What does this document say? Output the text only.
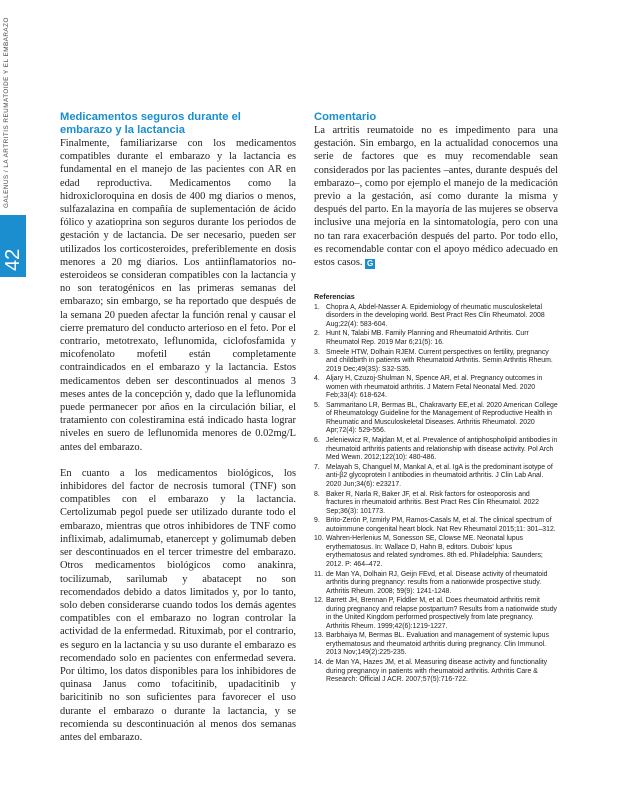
GALENUS / LA ARTRITIS REUMATOIDE Y EL EMBARAZO
42
Medicamentos seguros durante el embarazo y la lactancia

Finalmente, familiarizarse con los medicamentos compatibles durante el embarazo y la lactancia es fundamental en el manejo de las pacientes con AR en edad reproductiva. Medicamentos como la hidroxicloroquina en dosis de 400 mg diarios o menos, sulfazalazina en compañía de suplementación de ácido fólico y azatioprina son seguros durante los periodos de gestación y de lactancia. De ser necesario, pueden ser utilizados los corticosteroides, preferiblemente en dosis menores a 20 mg diarios. Los antiinflamatorios no-esteroideos se consideran compatibles con la lactancia y no son teratogénicos en las primeras semanas del embarazo; sin embargo, se ha reportado que después de la semana 20 pueden afectar la función renal y causar el cierre prematuro del conducto arterioso en el feto. Por el contrario, metotrexato, leflunomida, ciclofosfamida y micofenolato mofetil están completamente contraindicados en el embarazo y la lactancia. Estos medicamentos deben ser descontinuados al menos 3 meses antes de la concepción y, dado que la leflunomida puede permanecer por años en la circulación biliar, el tratamiento con colestiramina está indicado hasta lograr niveles en suero de leflunomida menores de 0.02mg/L antes del embarazo.

En cuanto a los medicamentos biológicos, los inhibidores del factor de necrosis tumoral (TNF) son compatibles con el embarazo y la lactancia. Certolizumab pegol puede ser utilizado durante todo el embarazo, mientras que otros inhibidores de TNF como infliximab, adalimumab, etanercept y golimumab deben ser descontinuados en el tercer trimestre del embarazo. Otros medicamentos biológicos como anakinra, tocilizumab, sarilumab y abatacept no son recomendados debido a datos limitados y, por lo tanto, solo deben considerarse cuando todos los demás agentes compatibles con el embarazo no logran controlar la actividad de la enfermedad. Rituximab, por el contrario, es seguro en la lactancia y su uso durante el embarazo es recomendado solo en pacientes con enfermedad severa. Por último, los datos disponibles para los inhibidores de quinasa Janus como tofacitinib, upadacitinib y baricitinib no son suficientes para favorecer el uso durante el embarazo o durante la lactancia, y se recomienda su descontinuación al menos dos semanas antes del embarazo.

Comentario

La artritis reumatoide no es impedimento para una gestación. Sin embargo, en la actualidad conocemos una serie de factores que es muy recomendable sean considerados por las pacientes –antes, durante después del embarazo–, como por ejemplo el manejo de la medicación previo a la gestación, así como durante la misma y después del parto. En la mayoría de las mujeres se observa inclusive una mejoría en la sintomatología, pero con una no tan rara exacerbación después del parto. Por todo ello, es recomendable contar con el apoyo médico adecuado en estos casos. G

Referencias
1. Chopra A, Abdel-Nasser A. Epidemiology of rheumatic musculoskeletal disorders in the developing world. Best Pract Res Clin Rheumatol. 2008 Aug;22(4): 583-604.
2. Hunt N, Talabi MB. Family Planning and Rheumatoid Arthritis. Curr Rheumatol Rep. 2019 Mar 6;21(5): 16.
3. Smeele HTW, Dolhain RJEM. Current perspectives on fertility, pregnancy and childbirth in patients with Rheumatoid Arthritis. Semin Arthritis Rheum. 2019 Dec;49(3S): S32-S35.
4. Aljary H, Czuzoj-Shulman N, Spence AR, et al. Pregnancy outcomes in women with rheumatoid arthritis. J Matern Fetal Neonatal Med. 2020 Feb;33(4): 618-624.
5. Sammaritano LR, Bermas BL, Chakravarty EE,et al. 2020 American College of Rheumatology Guideline for the Management of Reproductive Health in Rheumatic and Musculoskeletal Diseases. Arthritis Rheumatol. 2020 Apr;72(4): 529-556.
6. Jeleniewicz R, Majdan M, et al. Prevalence of antiphospholipid antibodies in rheumatoid arthritis patients and relationship with disease activity. Pol Arch Med Wewn. 2012;122(10): 480-486.
7. Melayah S, Changuel M, Mankaï A, et al. IgA is the predominant isotype of anti-β2 glycoprotein I antibodies in rheumatoid arthritis. J Clin Lab Anal. 2020 Jun;34(6): e23217.
8. Baker R, Narla R, Baker JF, et al. Risk factors for osteoporosis and fractures in rheumatoid arthritis. Best Pract Res Clin Rheumatol. 2022 Sep;36(3): 101773.
9. Brito-Zerón P, Izmirly PM, Ramos-Casals M, et al. The clinical spectrum of autoimmune congenital heart block. Nat Rev Rheumatol 2015;11: 301–312.
10. Wahren-Herlenius M, Sonesson SE, Clowse ME. Neonatal lupus erythematosus. In: Wallace D, Hahn B, editors. Dubois' lupus erythematosus and related syndromes. 8th ed. Philadelphia: Saunders; 2012. P: 464–472.
11. de Man YA, Dolhain RJ, Geijn FEvd, et al. Disease activity of rheumatoid arthritis during pregnancy: results from a nationwide prospective study. Arthritis Rheum. 2008; 59(9): 1241-1248.
12. Barrett JH, Brennan P, Fiddler M, et al. Does rheumatoid arthritis remit during pregnancy and relapse postpartum? Results from a nationwide study in the United Kingdom performed prospectively from late pregnancy. Arthritis Rheum. 1999;42(6):1219-1227.
13. Barbhaiya M, Bermas BL. Evaluation and management of systemic lupus erythematosus and rheumatoid arthritis during pregnancy. Clin Immunol. 2013 Nov;149(2):225-235.
14. de Man YA, Hazes JM, et al. Measuring disease activity and functionality during pregnancy in patients with rheumatoid arthritis. Arthritis Care & Research: Official J ACR. 2007;57(5):716-722.
